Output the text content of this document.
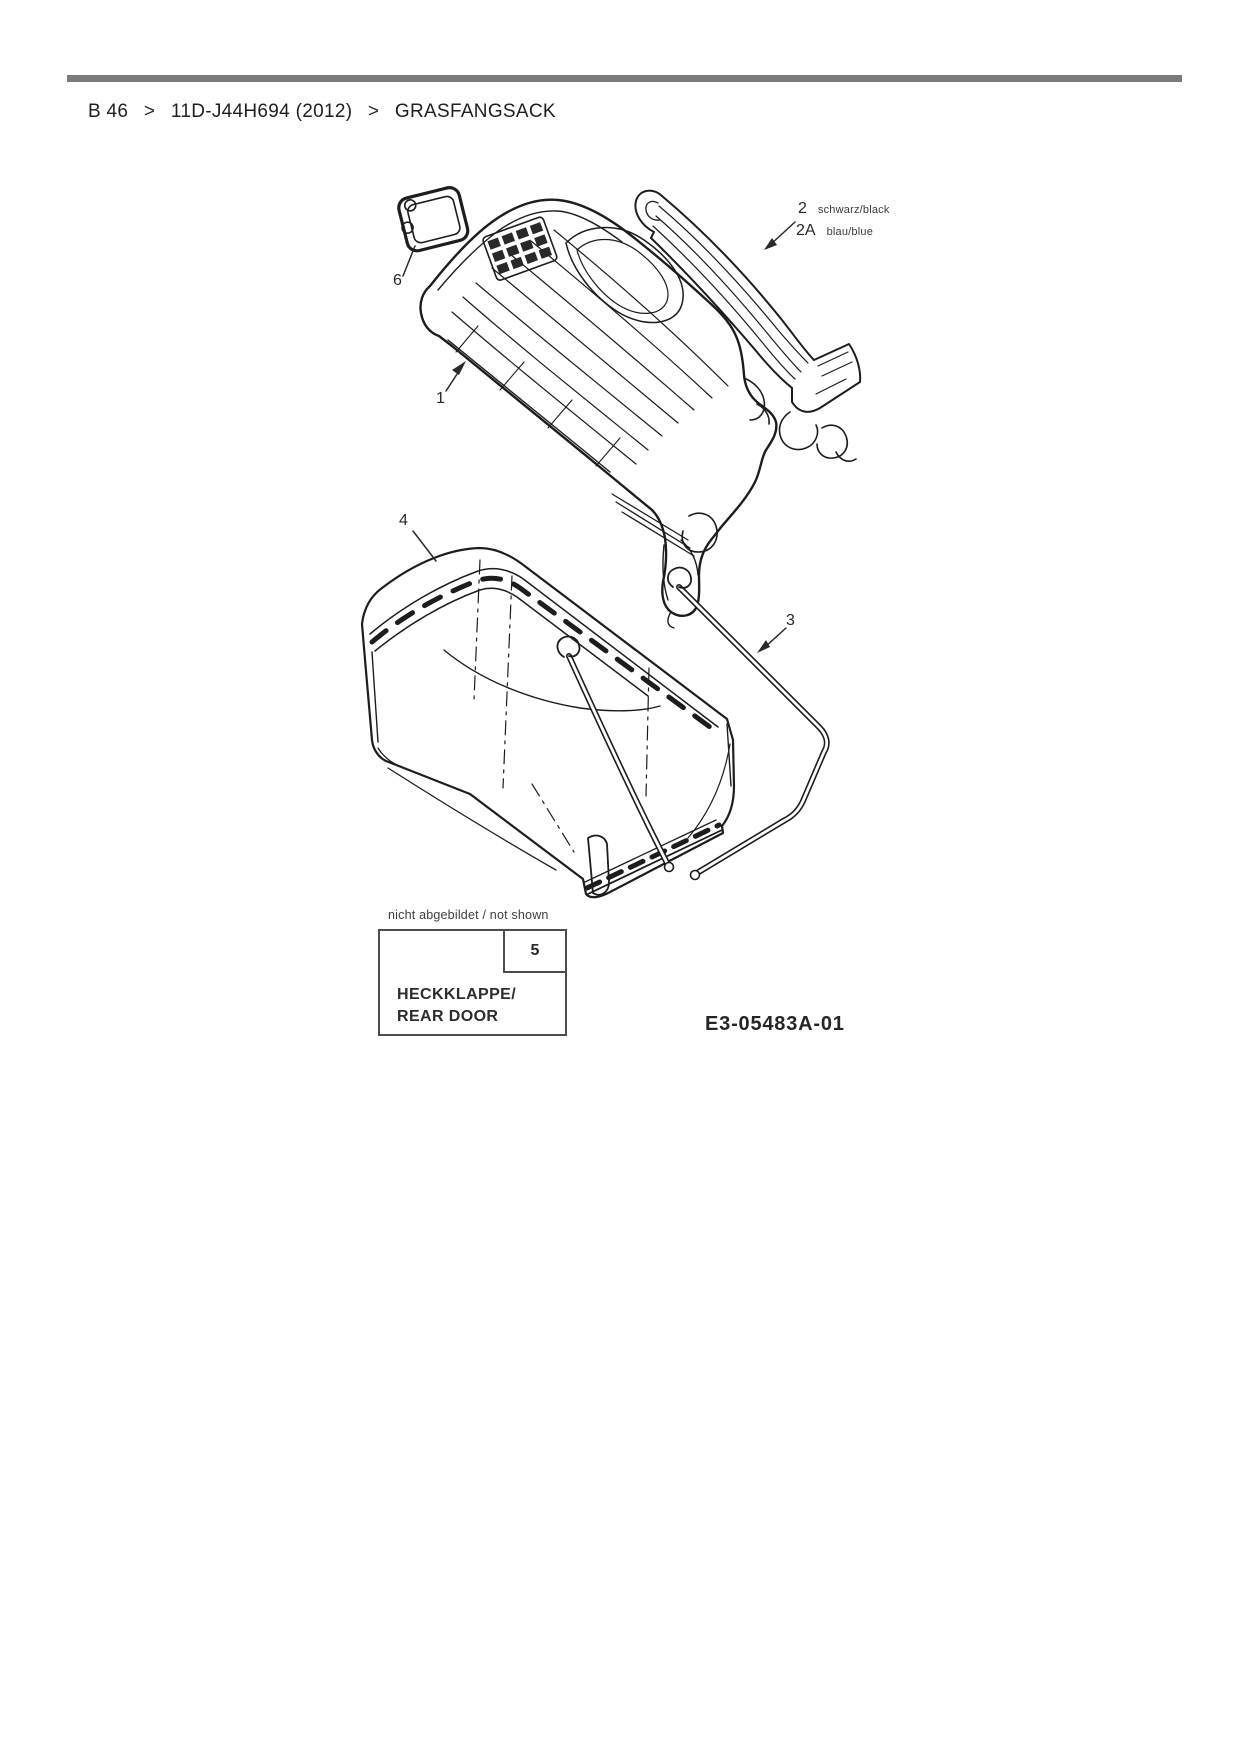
B 46 > 11D-J44H694 (2012) > GRASFANGSACK
6
1
4
3
2 schwarz/black
2A blau/blue
nicht abgebildet / not shown
5
HECKKLAPPE/
REAR DOOR	E3-05483A-01
